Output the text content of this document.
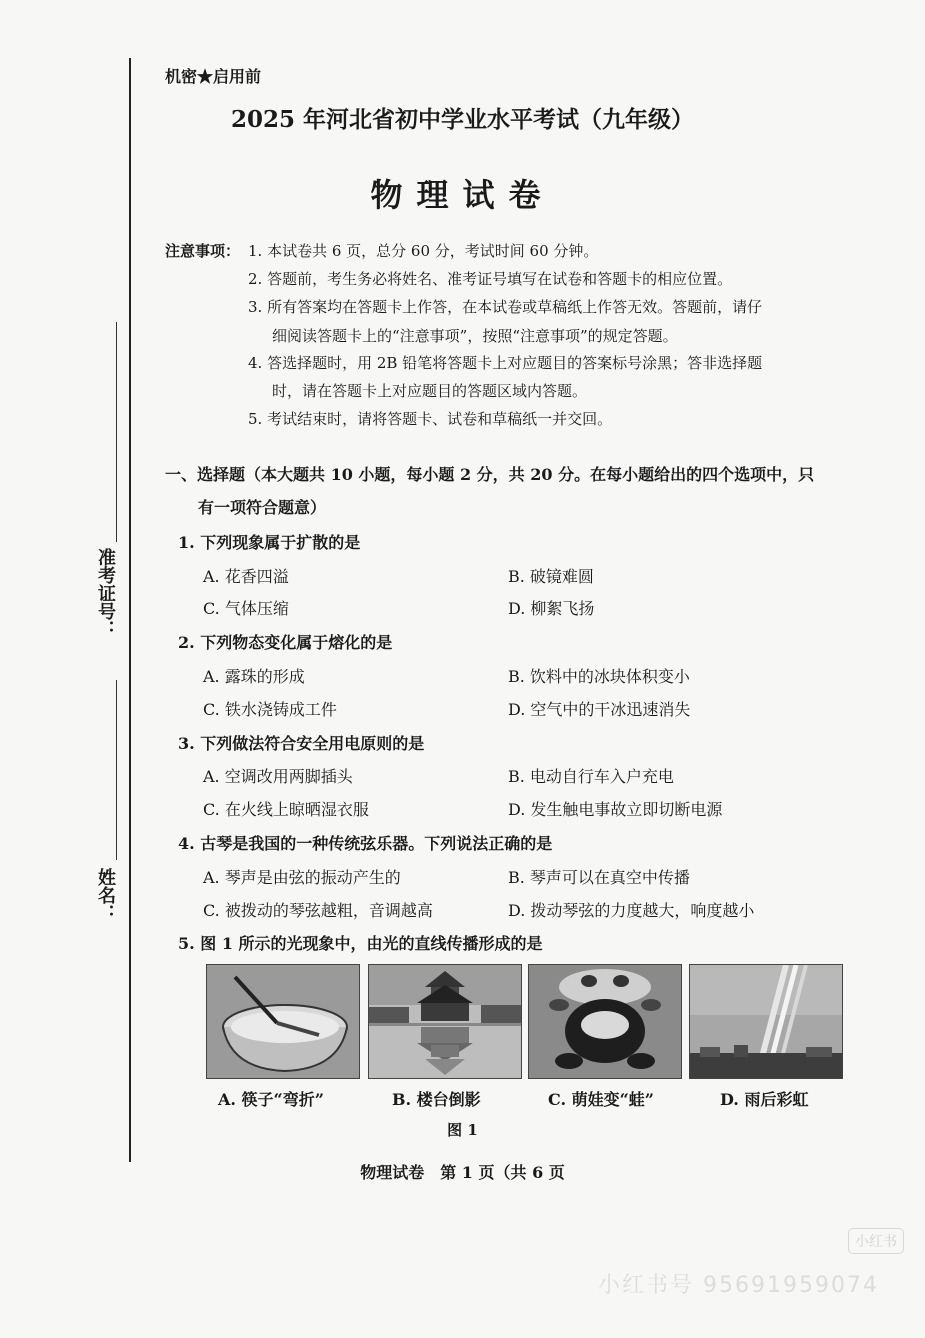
准考证号：
姓名：
机密★启用前
2025 年河北省初中学业水平考试（九年级）
物理试卷
注意事项： 1. 本试卷共 6 页，总分 60 分，考试时间 60 分钟。
2. 答题前，考生务必将姓名、准考证号填写在试卷和答题卡的相应位置。
3. 所有答案均在答题卡上作答，在本试卷或草稿纸上作答无效。答题前，请仔
细阅读答题卡上的“注意事项”，按照“注意事项”的规定答题。
4. 答选择题时，用 2B 铅笔将答题卡上对应题目的答案标号涂黑；答非选择题
时，请在答题卡上对应题目的答题区域内答题。
5. 考试结束时，请将答题卡、试卷和草稿纸一并交回。
一、选择题（本大题共 10 小题，每小题 2 分，共 20 分。在每小题给出的四个选项中，只
有一项符合题意）
1. 下列现象属于扩散的是
A. 花香四溢	B. 破镜难圆
C. 气体压缩	D. 柳絮飞扬
2. 下列物态变化属于熔化的是
A. 露珠的形成	B. 饮料中的冰块体积变小
C. 铁水浇铸成工件	D. 空气中的干冰迅速消失
3. 下列做法符合安全用电原则的是
A. 空调改用两脚插头	B. 电动自行车入户充电
C. 在火线上晾晒湿衣服	D. 发生触电事故立即切断电源
4. 古琴是我国的一种传统弦乐器。下列说法正确的是
A. 琴声是由弦的振动产生的	B. 琴声可以在真空中传播
C. 被拨动的琴弦越粗，音调越高	D. 拨动琴弦的力度越大，响度越小
5. 图 1 所示的光现象中，由光的直线传播形成的是
A. 筷子“弯折”	B. 楼台倒影	C. 萌娃变“蛙”	D. 雨后彩虹
图 1
物理试卷　第 1 页（共 6 页
小红书
小红书号 95691959074
